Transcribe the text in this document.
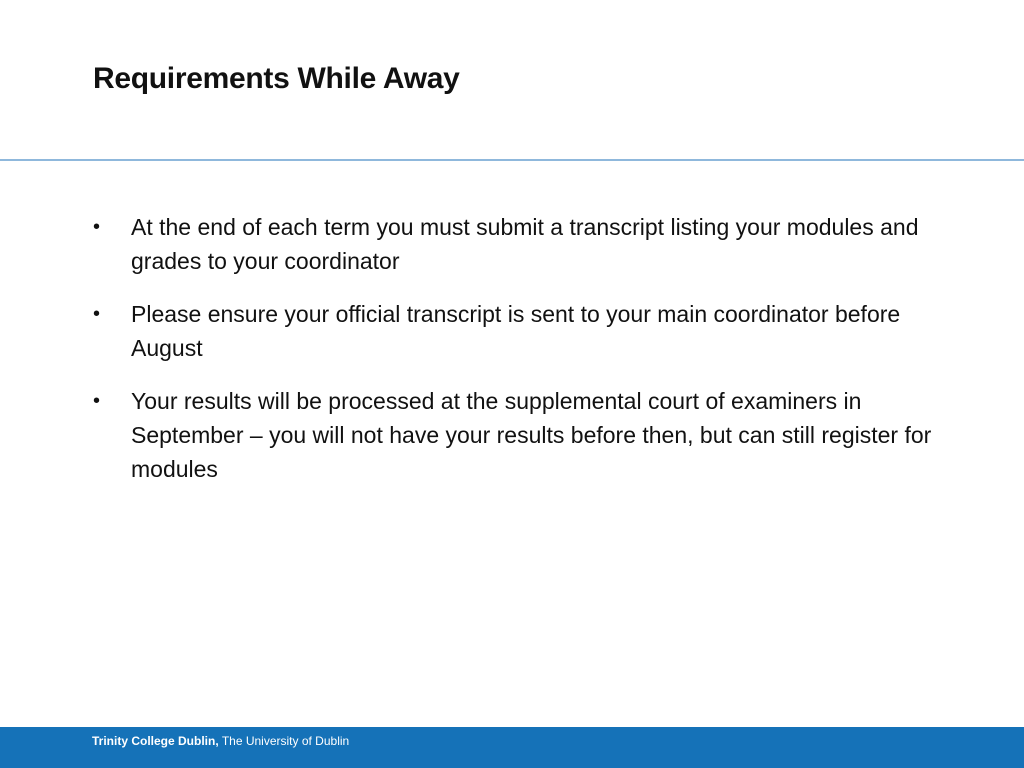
Requirements While Away
•	At the end of each term you must submit a transcript listing your modules and grades to your coordinator
•	Please ensure your official transcript is sent to your main coordinator before August
•	Your results will be processed at the supplemental court of examiners in September – you will not have your results before then, but can still register for modules
Trinity College Dublin, The University of Dublin
